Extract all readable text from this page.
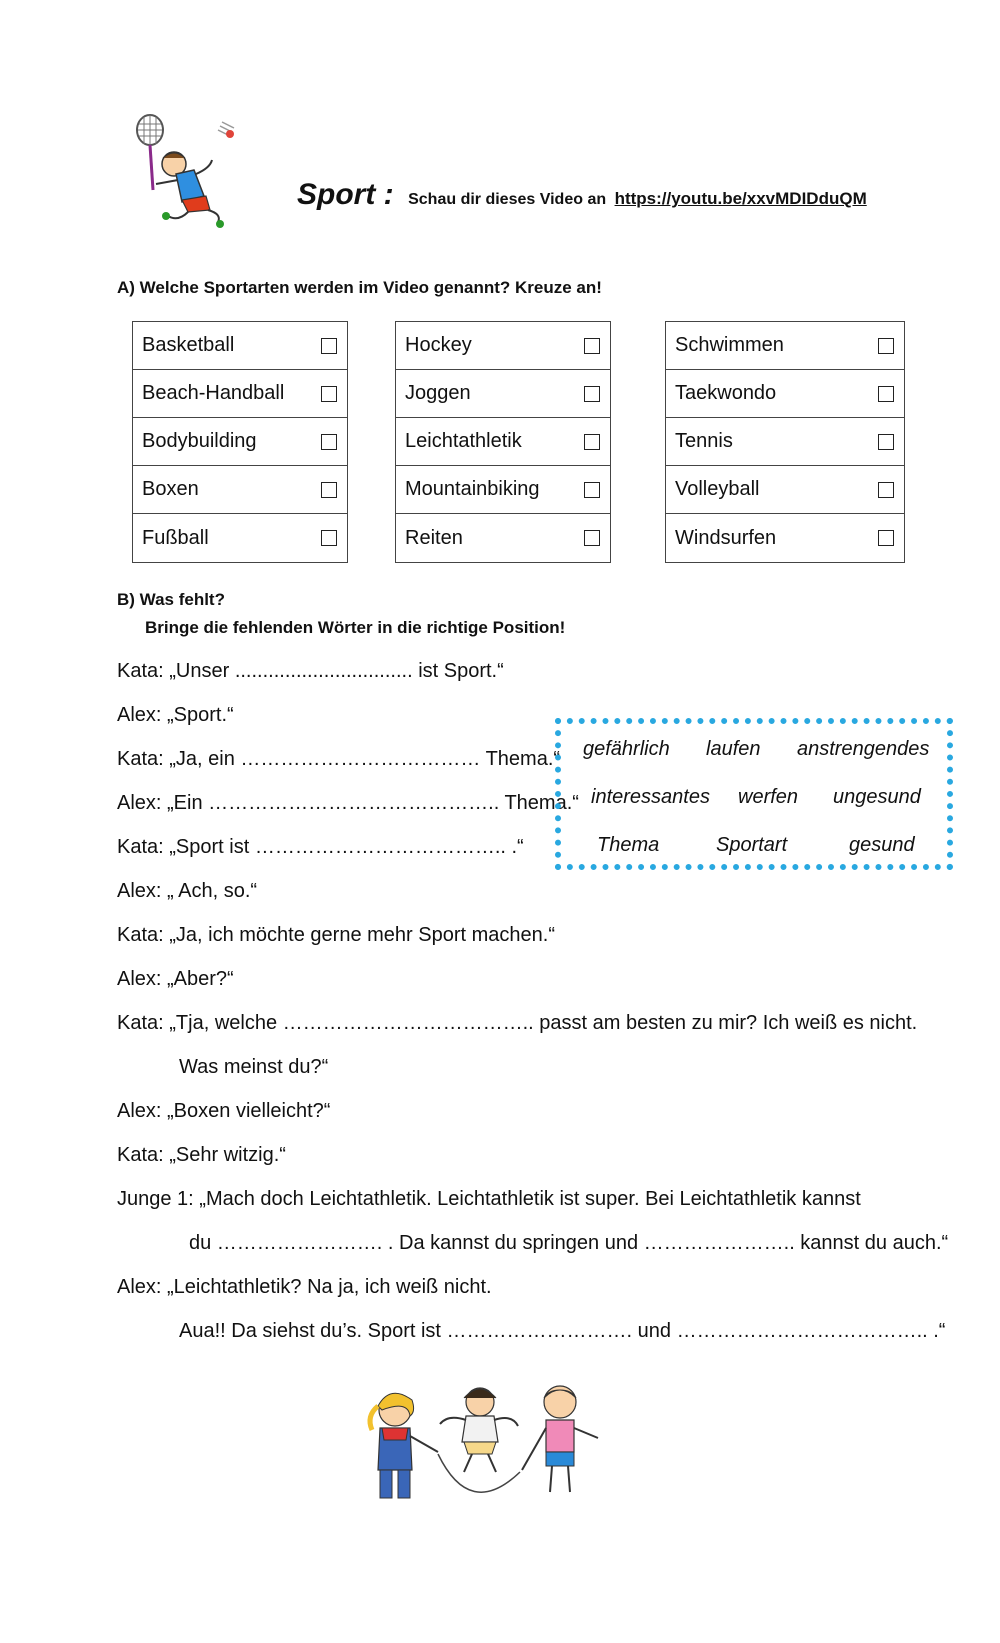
Sport : Schau dir dieses Video an https://youtu.be/xxvMDIDduQM
A) Welche Sportarten werden im Video genannt? Kreuze an!
Basketball
Beach-Handball
Bodybuilding
Boxen
Fußball
Hockey
Joggen
Leichtathletik
Mountainbiking
Reiten
Schwimmen
Taekwondo
Tennis
Volleyball
Windsurfen
B) Was fehlt?
Bringe die fehlenden Wörter in die richtige Position!
Kata: „Unser ................................ ist Sport.“
Alex: „Sport.“
Kata: „Ja, ein ……………………………… Thema.“
Alex: „Ein …………………………………….. Thema.“
Kata: „Sport ist ……………………………….. .“
Alex: „ Ach, so.“
Kata: „Ja, ich möchte gerne mehr Sport machen.“
Alex: „Aber?“
Kata: „Tja, welche ……………………………….. passt am besten zu mir? Ich weiß es nicht.
Was meinst du?“
Alex: „Boxen vielleicht?“
Kata: „Sehr witzig.“
Junge 1: „Mach doch Leichtathletik. Leichtathletik ist super. Bei Leichtathletik kannst
du ……………………. . Da kannst du springen und ………………….. kannst du auch.“
Alex: „Leichtathletik? Na ja, ich weiß nicht.
Aua!! Da siehst du’s. Sport ist ………………………. und ……………………………….. .“
gefährlich laufen anstrengendes
interessantes werfen ungesund
Thema	Sportart	gesund
